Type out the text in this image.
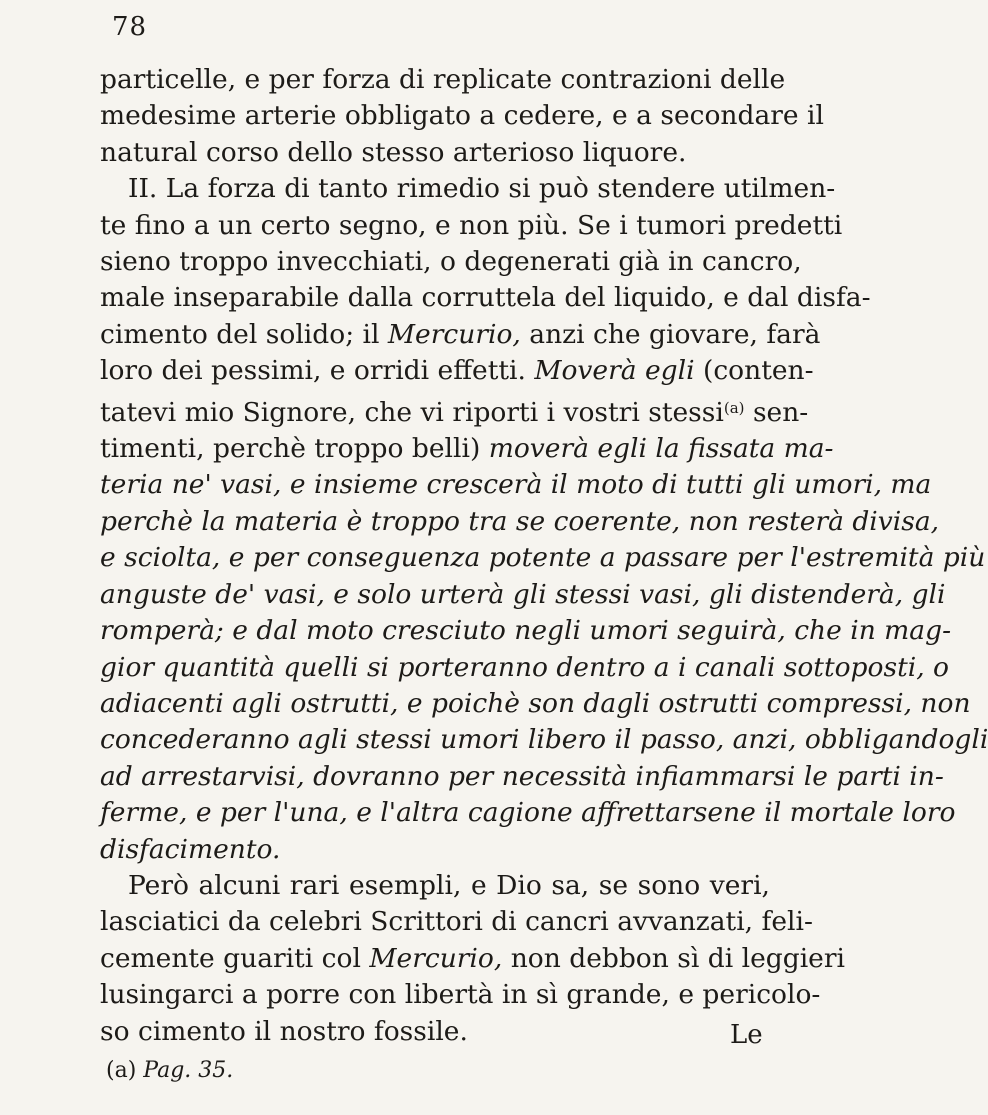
78
particelle, e per forza di replicate contrazioni delle
medesime arterie obbligato a cedere, e a secondare il
natural corso dello stesso arterioso liquore.
II. La forza di tanto rimedio si può stendere utilmen-
te fino a un certo segno, e non più. Se i tumori predetti
sieno troppo invecchiati, o degenerati già in cancro,
male inseparabile dalla corruttela del liquido, e dal disfa-
cimento del solido; il Mercurio, anzi che giovare, farà
loro dei pessimi, e orridi effetti. Moverà egli (conten-
tatevi mio Signore, che vi riporti i vostri stessi$^{(a)}$ sen-
timenti, perchè troppo belli) moverà egli la fissata ma-
teria ne' vasi, e insieme crescerà il moto di tutti gli umori, ma
perchè la materia è troppo tra se coerente, non resterà divisa,
e sciolta, e per conseguenza potente a passare per l'estremità più
anguste de' vasi, e solo urterà gli stessi vasi, gli distenderà, gli
romperà; e dal moto cresciuto negli umori seguirà, che in mag-
gior quantità quelli si porteranno dentro a i canali sottoposti, o
adiacenti agli ostrutti, e poichè son dagli ostrutti compressi, non
concederanno agli stessi umori libero il passo, anzi, obbligandogli
ad arrestarvisi, dovranno per necessità infiammarsi le parti in-
ferme, e per l'una, e l'altra cagione affrettarsene il mortale loro
disfacimento.
Però alcuni rari esempli, e Dio sa, se sono veri,
lasciatici da celebri Scrittori di cancri avvanzati, feli-
cemente guariti col Mercurio, non debbon sì di leggieri
lusingarci a porre con libertà in sì grande, e pericolo-
so cimento il nostro fossile.	Le
(a) Pag. 35.
